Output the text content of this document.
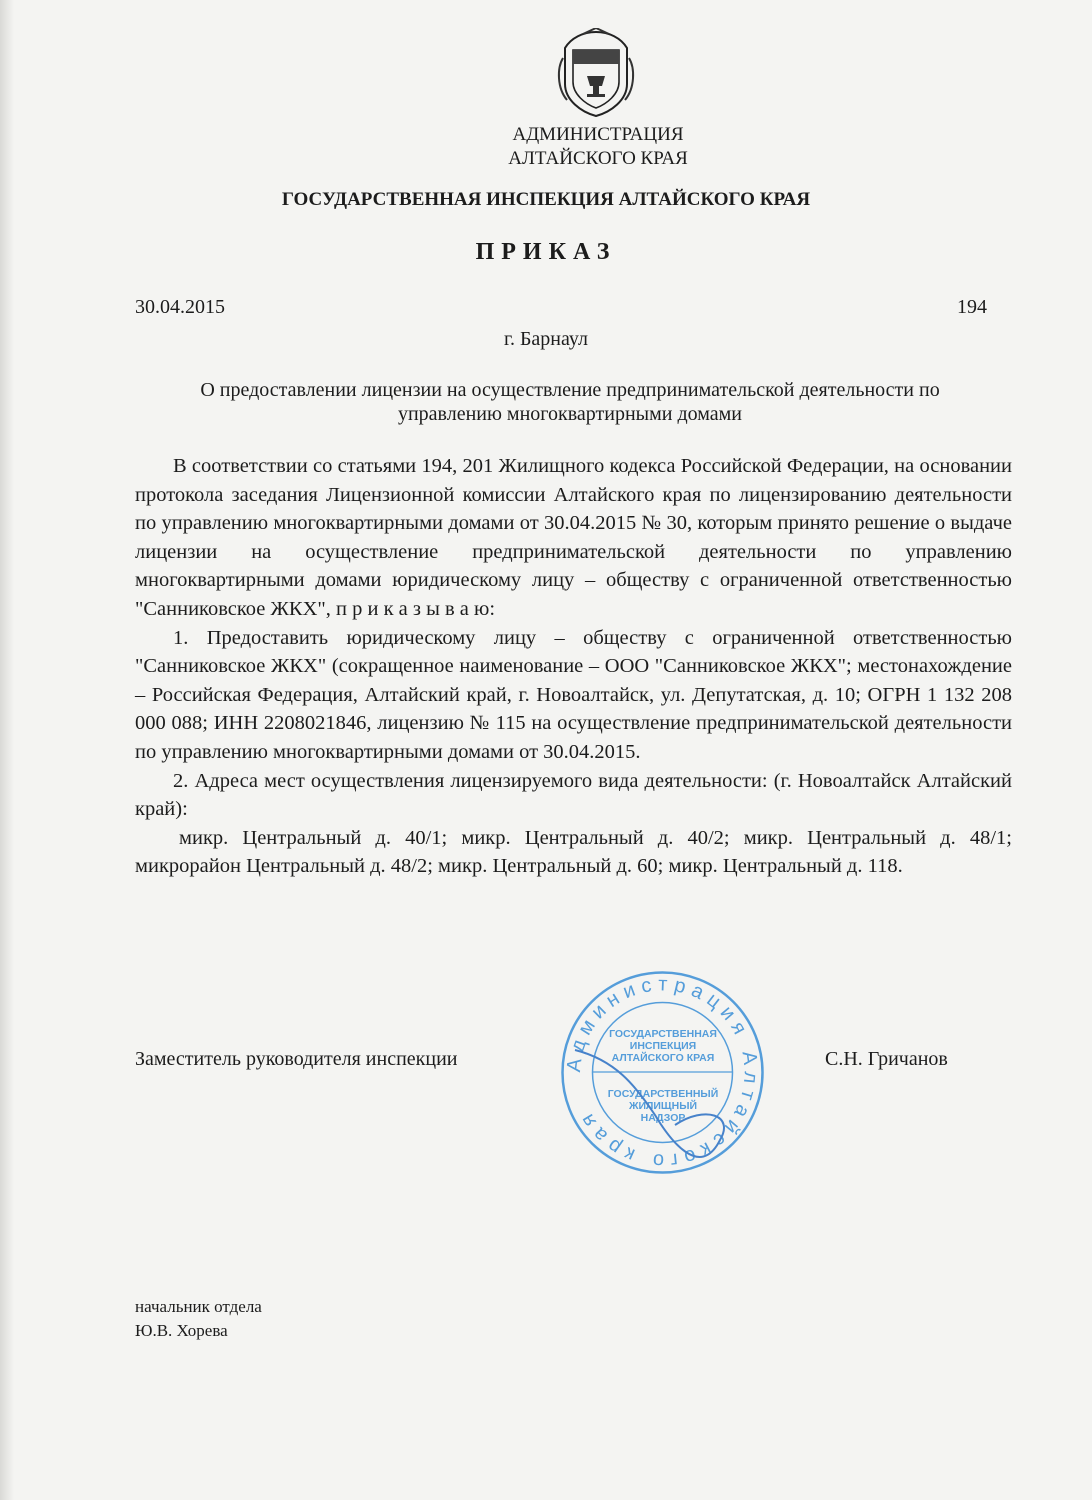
АДМИНИСТРАЦИЯ
АЛТАЙСКОГО КРАЯ
ГОСУДАРСТВЕННАЯ ИНСПЕКЦИЯ АЛТАЙСКОГО КРАЯ
ПРИКАЗ
30.04.2015	194
г. Барнаул
О предоставлении лицензии на осуществление предпринимательской деятельности по управлению многоквартирными домами

В соответствии со статьями 194, 201 Жилищного кодекса Российской Федерации, на основании протокола заседания Лицензионной комиссии Алтайского края по лицензированию деятельности по управлению многоквартирными домами от 30.04.2015 № 30, которым принято решение о выдаче лицензии на осуществление предпринимательской деятельности по управлению многоквартирными домами юридическому лицу – обществу с ограниченной ответственностью "Санниковское ЖКХ", п р и к а з ы в а ю:

1. Предоставить юридическому лицу – обществу с ограниченной ответственностью "Санниковское ЖКХ" (сокращенное наименование – ООО "Санниковское ЖКХ"; местонахождение – Российская Федерация, Алтайский край, г. Новоалтайск, ул. Депутатская, д. 10; ОГРН 1 132 208 000 088; ИНН 2208021846, лицензию № 115 на осуществление предпринимательской деятельности по управлению многоквартирными домами от 30.04.2015.

2. Адреса мест осуществления лицензируемого вида деятельности: (г. Новоалтайск Алтайский край):

микр. Центральный д. 40/1; микр. Центральный д. 40/2; микр. Центральный д. 48/1; микрорайон Центральный д. 48/2; микр. Центральный д. 60; микр. Центральный д. 118.

Администрация Алтайского края
ГОСУДАРСТВЕННАЯ
ИНСПЕКЦИЯ
АЛТАЙСКОГО КРАЯ
ГОСУДАРСТВЕННЫЙ
ЖИЛИЩНЫЙ
НАДЗОР
Заместитель руководителя инспекции	С.Н. Гричанов
начальник отдела
Ю.В. Хорева
